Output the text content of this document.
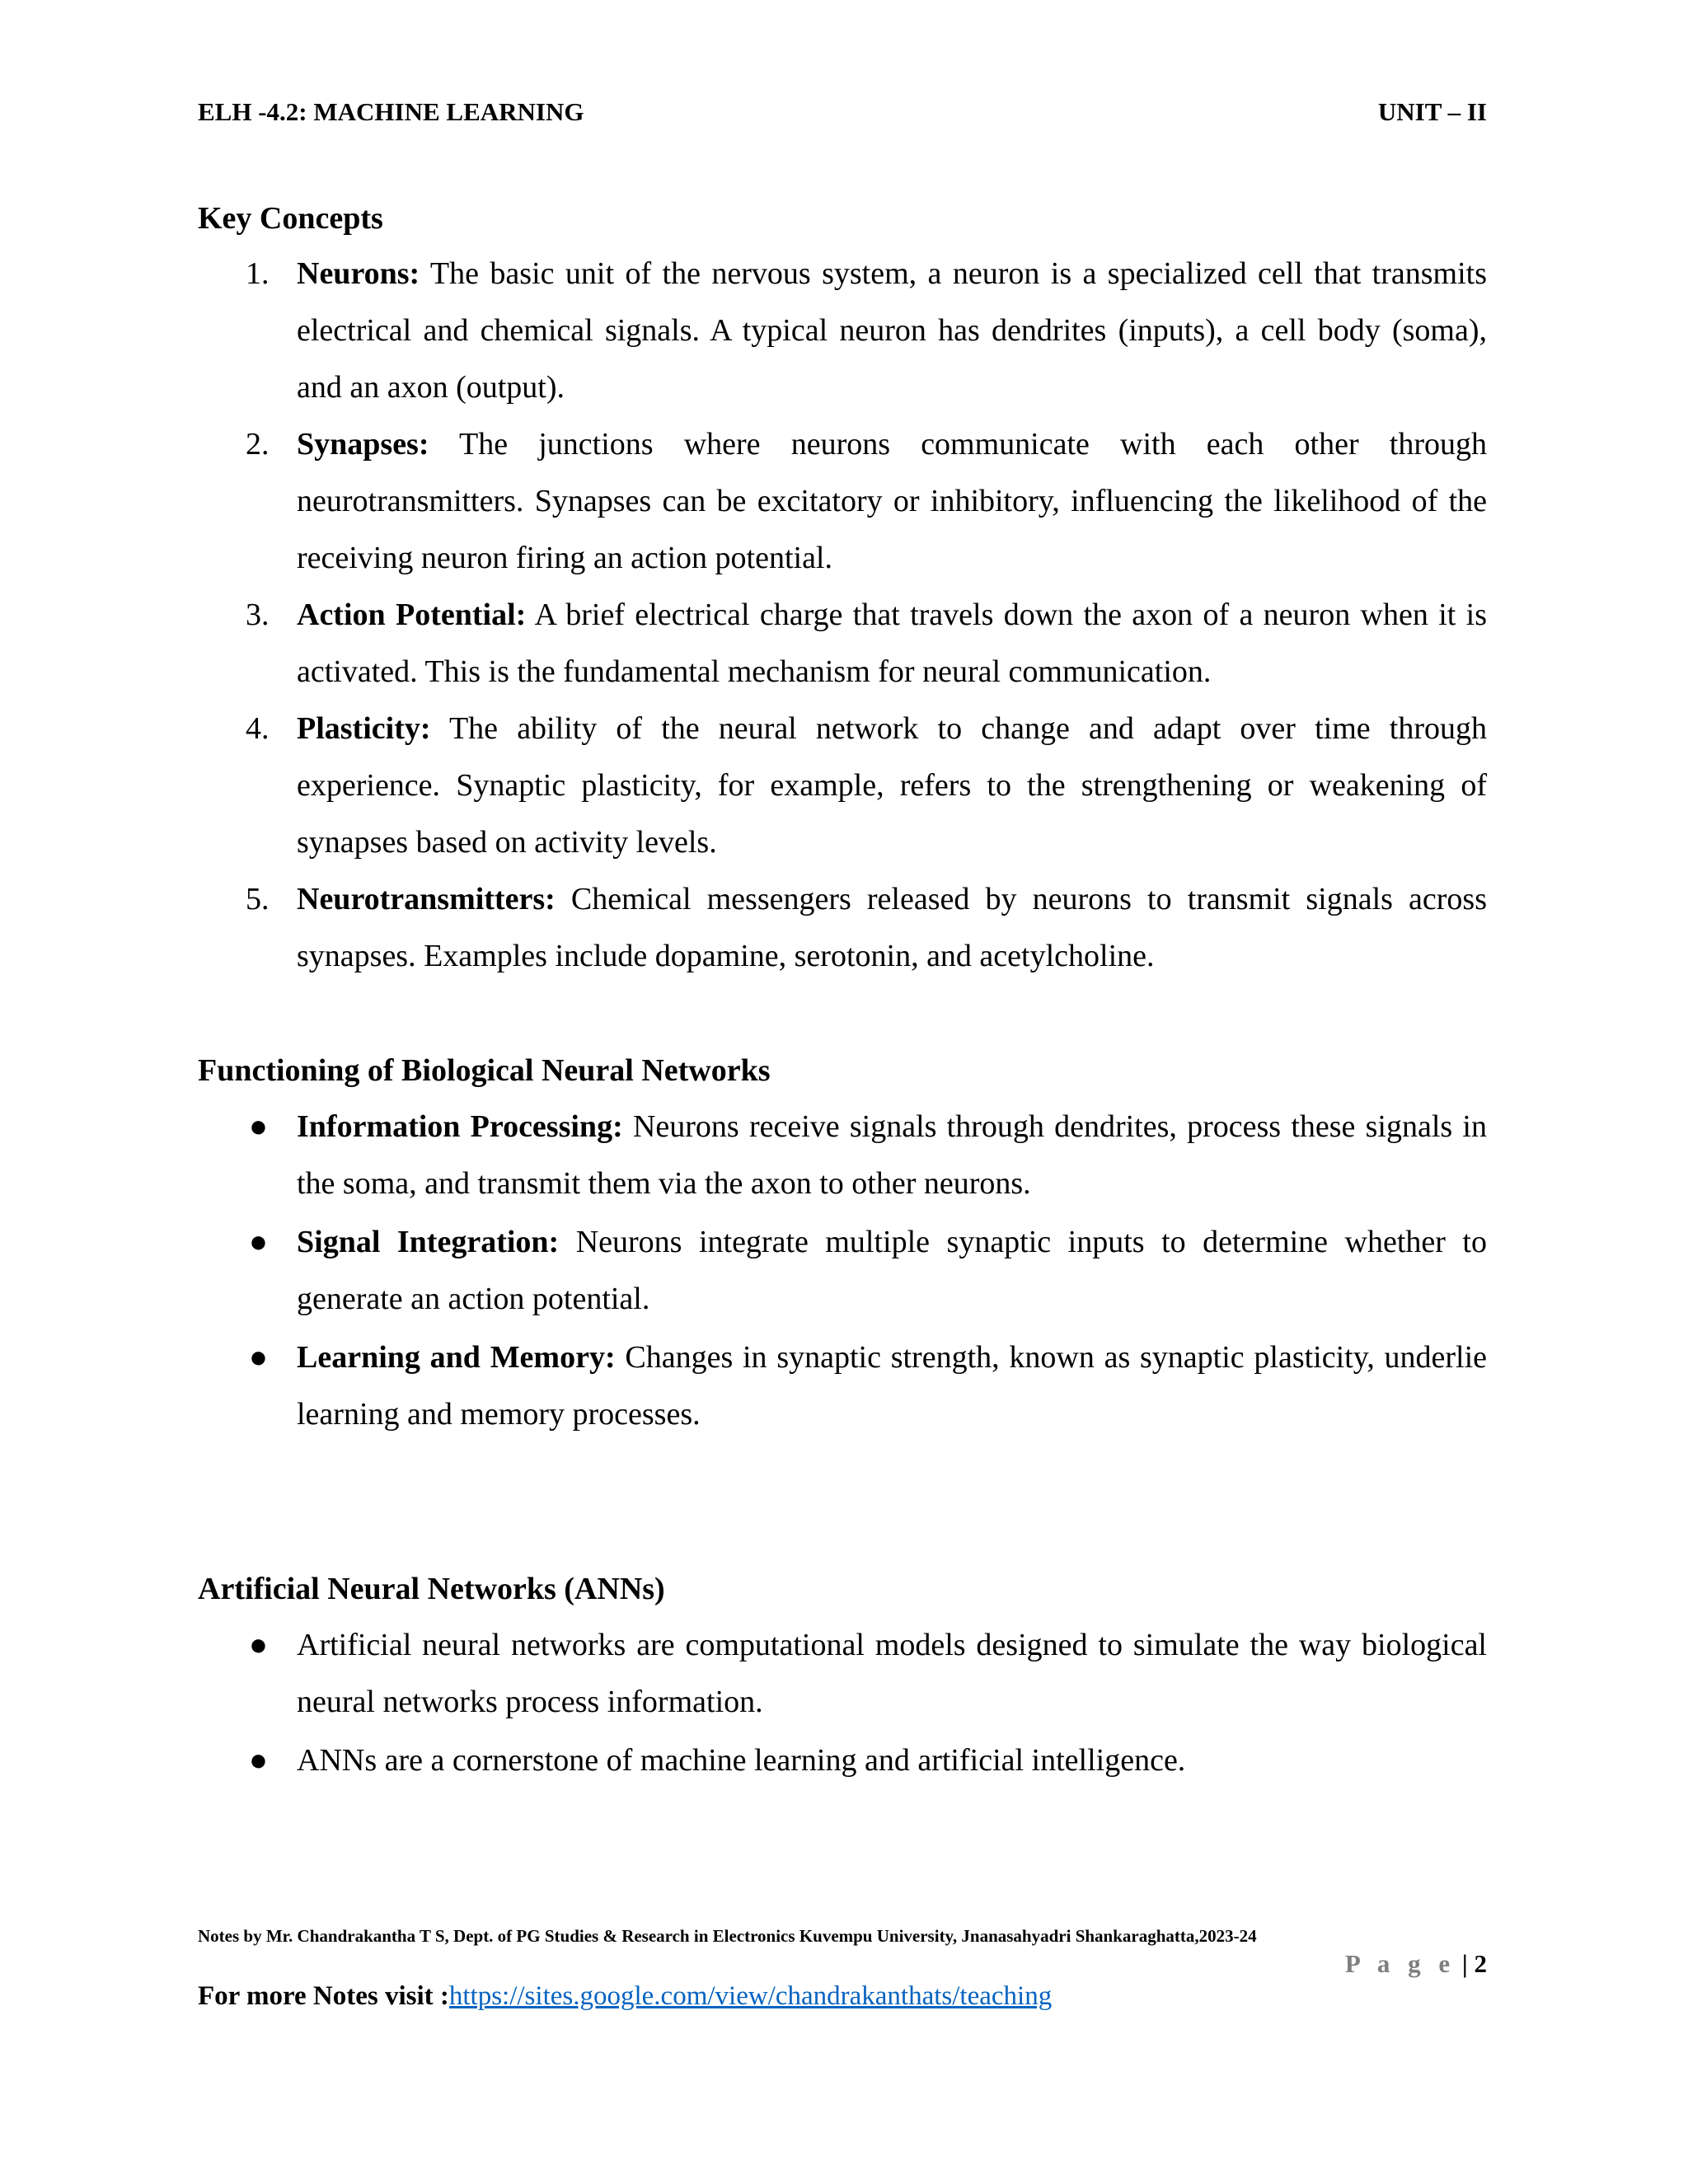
ELH -4.2: MACHINE LEARNING	UNIT – II
Key Concepts
1. Neurons: The basic unit of the nervous system, a neuron is a specialized cell that transmits electrical and chemical signals. A typical neuron has dendrites (inputs), a cell body (soma), and an axon (output).
2. Synapses: The junctions where neurons communicate with each other through neurotransmitters. Synapses can be excitatory or inhibitory, influencing the likelihood of the receiving neuron firing an action potential.
3. Action Potential: A brief electrical charge that travels down the axon of a neuron when it is activated. This is the fundamental mechanism for neural communication.
4. Plasticity: The ability of the neural network to change and adapt over time through experience. Synaptic plasticity, for example, refers to the strengthening or weakening of synapses based on activity levels.
5. Neurotransmitters: Chemical messengers released by neurons to transmit signals across synapses. Examples include dopamine, serotonin, and acetylcholine.
Functioning of Biological Neural Networks
● Information Processing: Neurons receive signals through dendrites, process these signals in the soma, and transmit them via the axon to other neurons.
● Signal Integration: Neurons integrate multiple synaptic inputs to determine whether to generate an action potential.
● Learning and Memory: Changes in synaptic strength, known as synaptic plasticity, underlie learning and memory processes.
Artificial Neural Networks (ANNs)
● Artificial neural networks are computational models designed to simulate the way biological neural networks process information.
● ANNs are a cornerstone of machine learning and artificial intelligence.
Notes by Mr. Chandrakantha T S, Dept. of PG Studies & Research in Electronics Kuvempu University, Jnanasahyadri Shankaraghatta,2023-24
P a g e | 2
For more Notes visit :https://sites.google.com/view/chandrakanthats/teaching
